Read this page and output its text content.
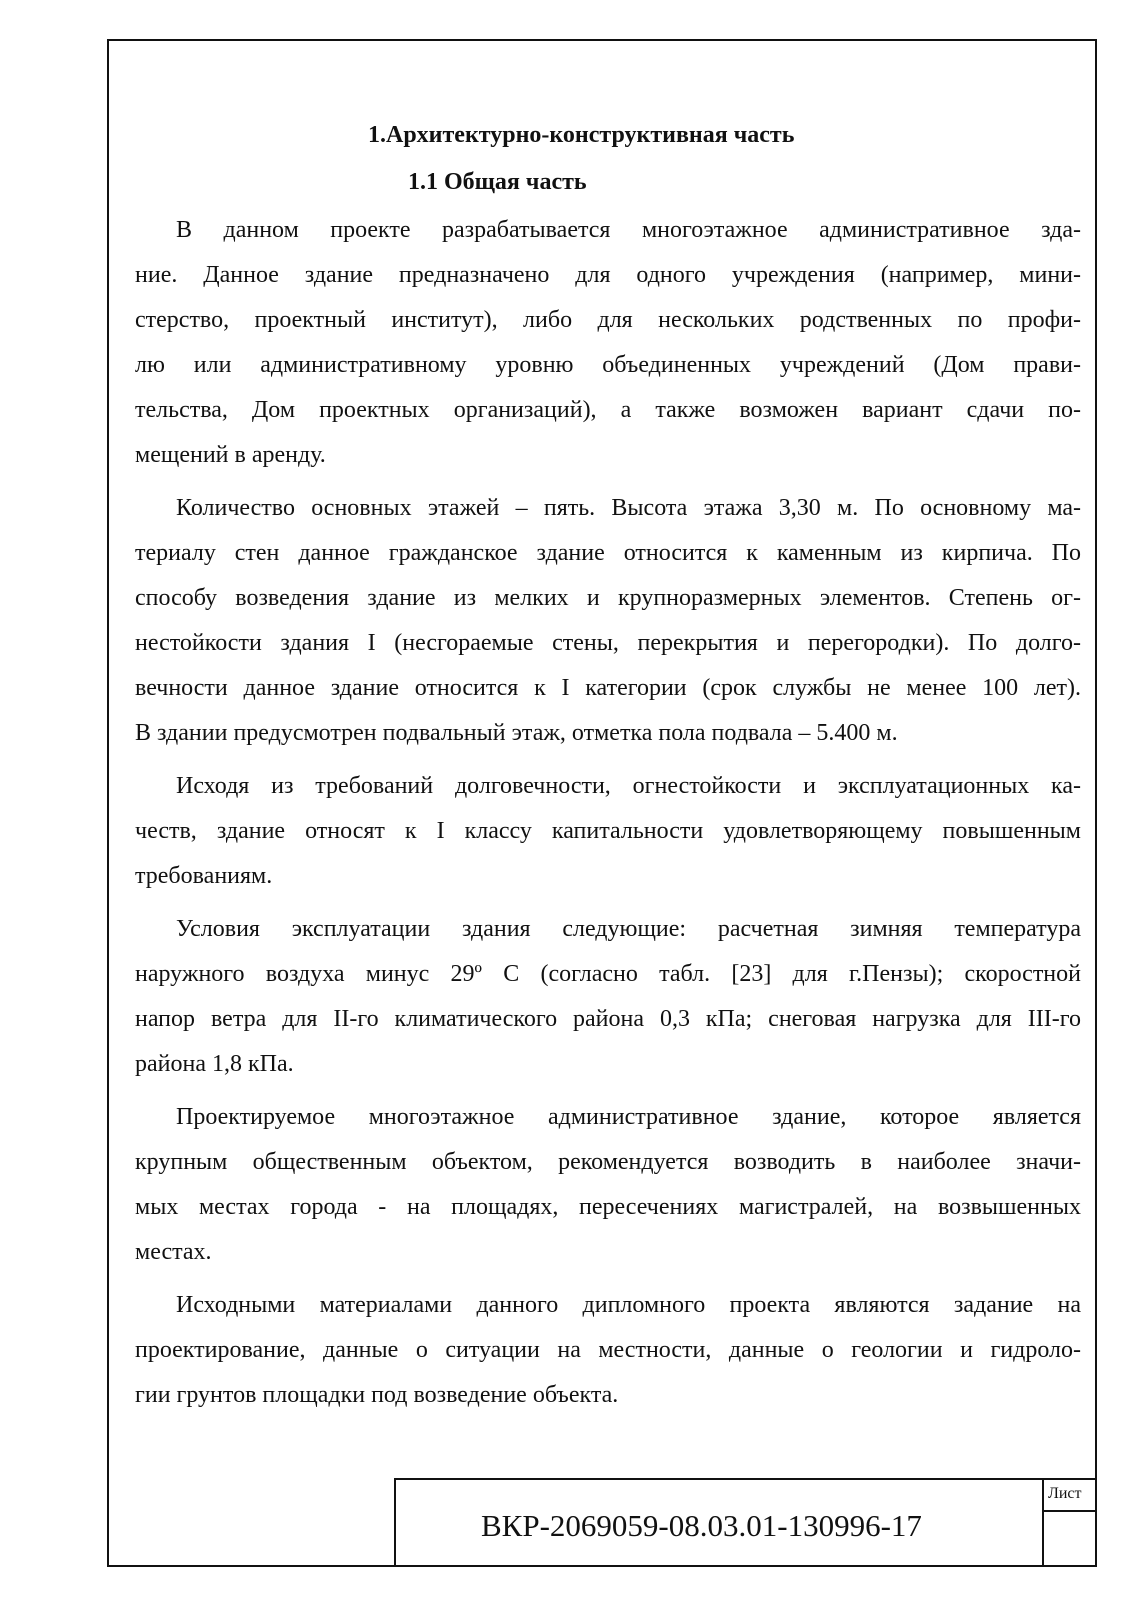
1.Архитектурно-конструктивная часть
1.1 Общая часть
В данном проекте разрабатывается многоэтажное административное зда-
ние. Данное здание предназначено для одного учреждения (например, мини-
стерство, проектный институт), либо для нескольких родственных по профи-
лю или административному уровню объединенных учреждений (Дом прави-
тельства, Дом проектных организаций), а также возможен вариант сдачи по-
мещений в аренду.
Количество основных этажей – пять. Высота этажа 3,30 м. По основному ма-
териалу стен данное гражданское здание относится к каменным из кирпича. По
способу возведения здание из мелких и крупноразмерных элементов. Степень ог-
нестойкости здания I (несгораемые стены, перекрытия и перегородки). По долго-
вечности данное здание относится к I категории (срок службы не менее 100 лет).
В здании предусмотрен подвальный этаж, отметка пола подвала – 5.400 м.
Исходя из требований долговечности, огнестойкости и эксплуатационных ка-
честв, здание относят к I классу капитальности удовлетворяющему повышенным
требованиям.
Условия эксплуатации здания следующие: расчетная зимняя температура
наружного воздуха минус 29º С (согласно табл. [23] для г.Пензы); скоростной
напор ветра для II-го климатического района 0,3 кПа; снеговая нагрузка для III-го
района 1,8 кПа.
Проектируемое многоэтажное административное здание, которое является
крупным общественным объектом, рекомендуется возводить в наиболее значи-
мых местах города - на площадях, пересечениях магистралей, на возвышенных
местах.
Исходными материалами данного дипломного проекта являются задание на
проектирование, данные о ситуации на местности, данные о геологии и гидроло-
гии грунтов площадки под возведение объекта.
ВКР-2069059-08.03.01-130996-17
Лист
